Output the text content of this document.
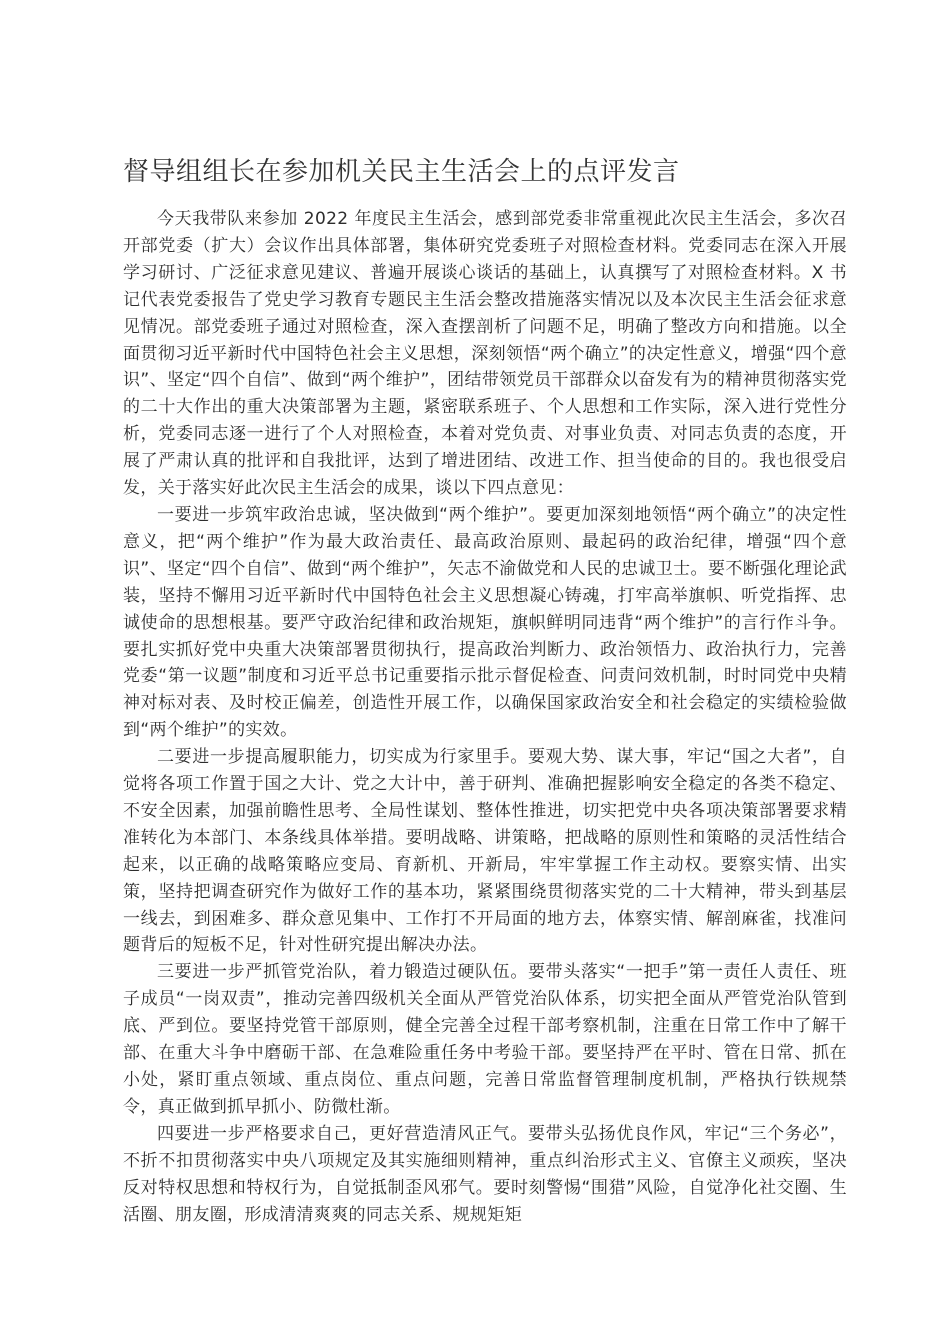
督导组组长在参加机关民主生活会上的点评发言

今天我带队来参加 2022 年度民主生活会，感到部党委非常重视此次民主生活会，多次召开部党委（扩大）会议作出具体部署，集体研究党委班子对照检查材料。党委同志在深入开展学习研讨、广泛征求意见建议、普遍开展谈心谈话的基础上，认真撰写了对照检查材料。X 书记代表党委报告了党史学习教育专题民主生活会整改措施落实情况以及本次民主生活会征求意见情况。部党委班子通过对照检查，深入查摆剖析了问题不足，明确了整改方向和措施。以全面贯彻习近平新时代中国特色社会主义思想，深刻领悟“两个确立”的决定性意义，增强“四个意识”、坚定“四个自信”、做到“两个维护”，团结带领党员干部群众以奋发有为的精神贯彻落实党的二十大作出的重大决策部署为主题，紧密联系班子、个人思想和工作实际，深入进行党性分析，党委同志逐一进行了个人对照检查，本着对党负责、对事业负责、对同志负责的态度，开展了严肃认真的批评和自我批评，达到了增进团结、改进工作、担当使命的目的。我也很受启发，关于落实好此次民主生活会的成果，谈以下四点意见：

一要进一步筑牢政治忠诚，坚决做到“两个维护”。要更加深刻地领悟“两个确立”的决定性意义，把“两个维护”作为最大政治责任、最高政治原则、最起码的政治纪律，增强“四个意识”、坚定“四个自信”、做到“两个维护”，矢志不渝做党和人民的忠诚卫士。要不断强化理论武装，坚持不懈用习近平新时代中国特色社会主义思想凝心铸魂，打牢高举旗帜、听党指挥、忠诚使命的思想根基。要严守政治纪律和政治规矩，旗帜鲜明同违背“两个维护”的言行作斗争。要扎实抓好党中央重大决策部署贯彻执行，提高政治判断力、政治领悟力、政治执行力，完善党委“第一议题”制度和习近平总书记重要指示批示督促检查、问责问效机制，时时同党中央精神对标对表、及时校正偏差，创造性开展工作，以确保国家政治安全和社会稳定的实绩检验做到“两个维护”的实效。

二要进一步提高履职能力，切实成为行家里手。要观大势、谋大事，牢记“国之大者”，自觉将各项工作置于国之大计、党之大计中，善于研判、准确把握影响安全稳定的各类不稳定、不安全因素，加强前瞻性思考、全局性谋划、整体性推进，切实把党中央各项决策部署要求精准转化为本部门、本条线具体举措。要明战略、讲策略，把战略的原则性和策略的灵活性结合起来，以正确的战略策略应变局、育新机、开新局，牢牢掌握工作主动权。要察实情、出实策，坚持把调查研究作为做好工作的基本功，紧紧围绕贯彻落实党的二十大精神，带头到基层一线去，到困难多、群众意见集中、工作打不开局面的地方去，体察实情、解剖麻雀，找准问题背后的短板不足，针对性研究提出解决办法。

三要进一步严抓管党治队，着力锻造过硬队伍。要带头落实“一把手”第一责任人责任、班子成员“一岗双责”，推动完善四级机关全面从严管党治队体系，切实把全面从严管党治队管到底、严到位。要坚持党管干部原则，健全完善全过程干部考察机制，注重在日常工作中了解干部、在重大斗争中磨砺干部、在急难险重任务中考验干部。要坚持严在平时、管在日常、抓在小处，紧盯重点领域、重点岗位、重点问题，完善日常监督管理制度机制，严格执行铁规禁令，真正做到抓早抓小、防微杜渐。

四要进一步严格要求自己，更好营造清风正气。要带头弘扬优良作风，牢记“三个务必”，不折不扣贯彻落实中央八项规定及其实施细则精神，重点纠治形式主义、官僚主义顽疾，坚决反对特权思想和特权行为，自觉抵制歪风邪气。要时刻警惕“围猎”风险，自觉净化社交圈、生活圈、朋友圈，形成清清爽爽的同志关系、规规矩矩
